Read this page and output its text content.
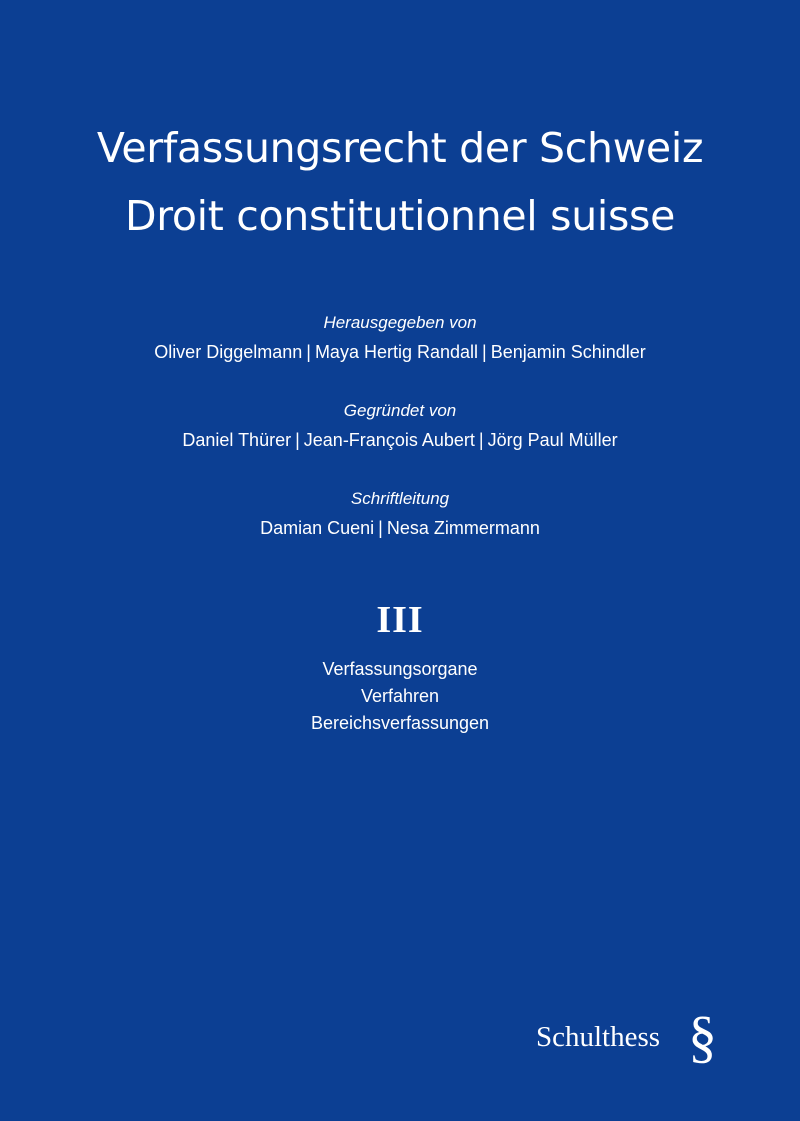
Verfassungsrecht der Schweiz
Droit constitutionnel suisse
Herausgegeben von
Oliver Diggelmann | Maya Hertig Randall | Benjamin Schindler
Gegründet von
Daniel Thürer | Jean-François Aubert | Jörg Paul Müller
Schriftleitung
Damian Cueni | Nesa Zimmermann
III
Verfassungsorgane
Verfahren
Bereichsverfassungen
Schulthess §
